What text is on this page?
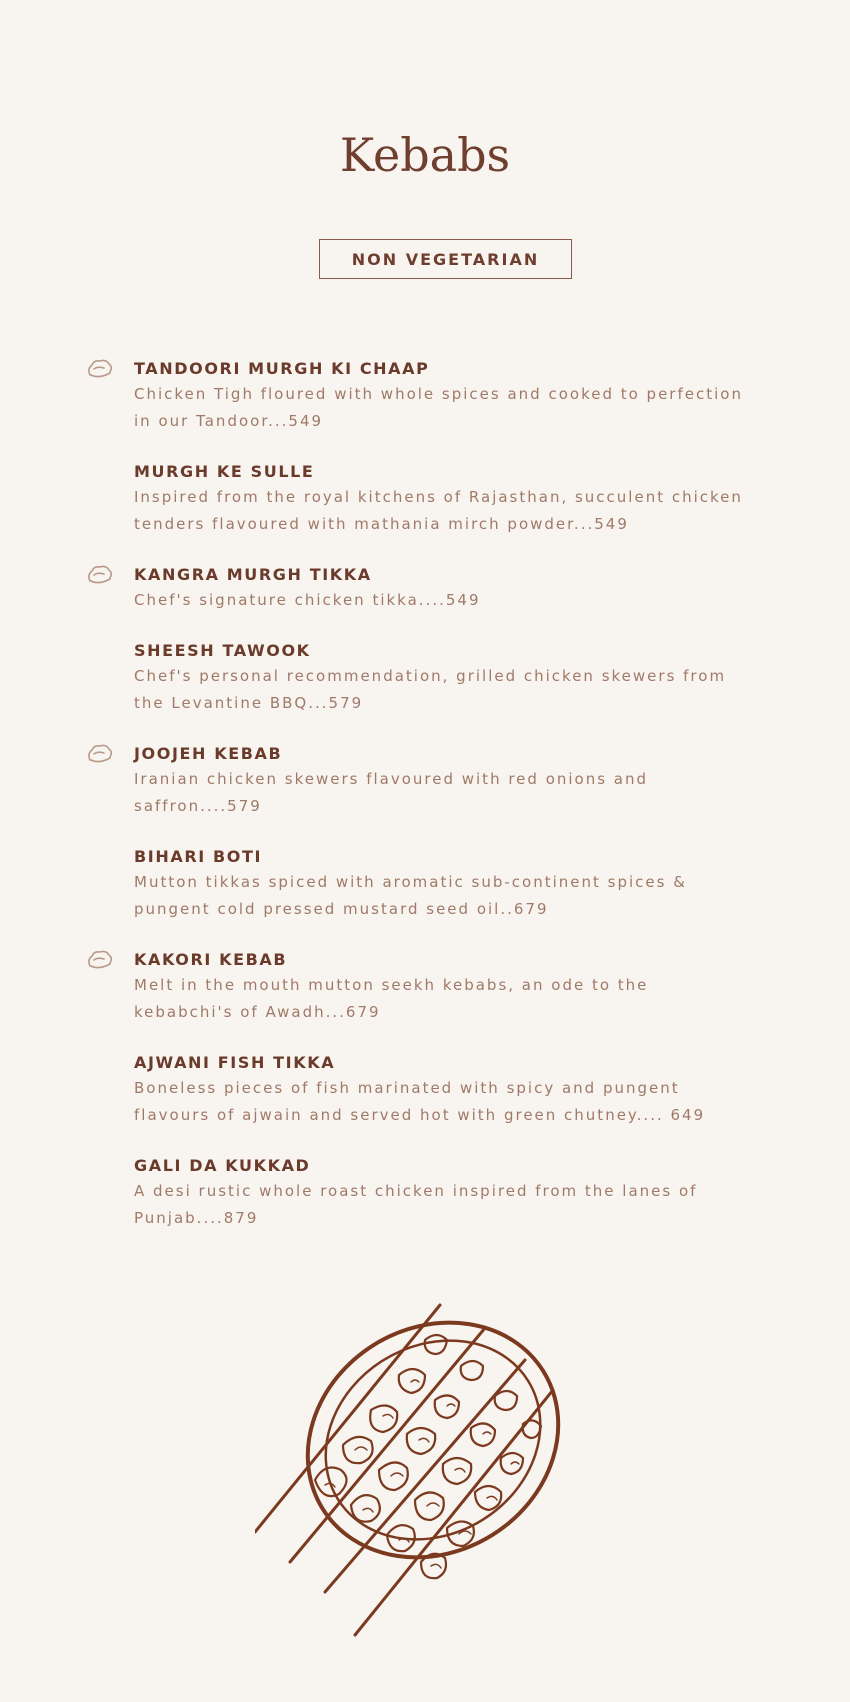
Kebabs
NON VEGETARIAN
TANDOORI MURGH KI CHAAP
Chicken Tigh floured with whole spices and cooked to perfection in our Tandoor...549
MURGH KE SULLE
Inspired from the royal kitchens of Rajasthan, succulent chicken tenders flavoured with mathania mirch powder...549
KANGRA MURGH TIKKA
Chef's signature chicken tikka....549
SHEESH TAWOOK
Chef's personal recommendation, grilled chicken skewers from the Levantine BBQ...579
JOOJEH KEBAB
Iranian chicken skewers flavoured with red onions and saffron....579
BIHARI BOTI
Mutton tikkas spiced with aromatic sub-continent spices & pungent cold pressed mustard seed oil..679
KAKORI KEBAB
Melt in the mouth mutton seekh kebabs, an ode to the kebabchi's of Awadh...679
AJWANI FISH TIKKA
Boneless pieces of fish marinated with spicy and pungent flavours of ajwain and served hot with green chutney.... 649
GALI DA KUKKAD
A desi rustic whole roast chicken inspired from the lanes of Punjab....879
